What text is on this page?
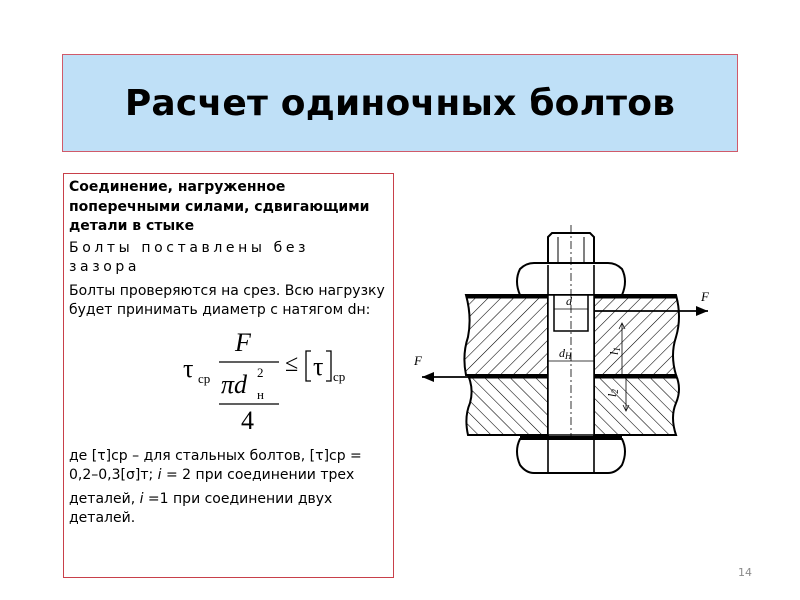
Расчет одиночных болтов

Соединение, нагруженное поперечными силами, сдвигающими детали в стыке

Болты поставлены без зазора

Болты проверяются на срез. Всю нагрузку будет принимать диаметр с натягом dн:

τ ср
F
πd 2
н
4
≤ τ ср

де [τ]ср – для стальных болтов, [τ]ср = 0,2–0,3[σ]т; i = 2 при соединении трех

деталей, i =1 при соединении двух деталей.

d
dH	l1
l2
F
F
14
